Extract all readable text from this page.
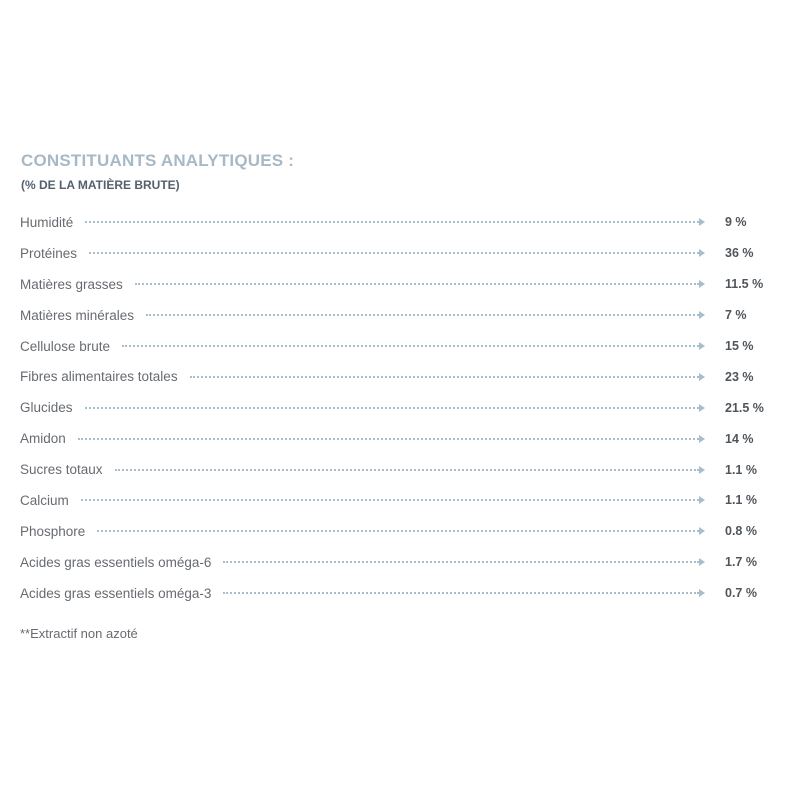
CONSTITUANTS ANALYTIQUES :
(% DE LA MATIÈRE BRUTE)
Humidité	9 %
Protéines	36 %
Matières grasses	11.5 %
Matières minérales	7 %
Cellulose brute	15 %
Fibres alimentaires totales	23 %
Glucides	21.5 %
Amidon	14 %
Sucres totaux	1.1 %
Calcium	1.1 %
Phosphore	0.8 %
Acides gras essentiels oméga-6	1.7 %
Acides gras essentiels oméga-3	0.7 %
**Extractif non azoté
